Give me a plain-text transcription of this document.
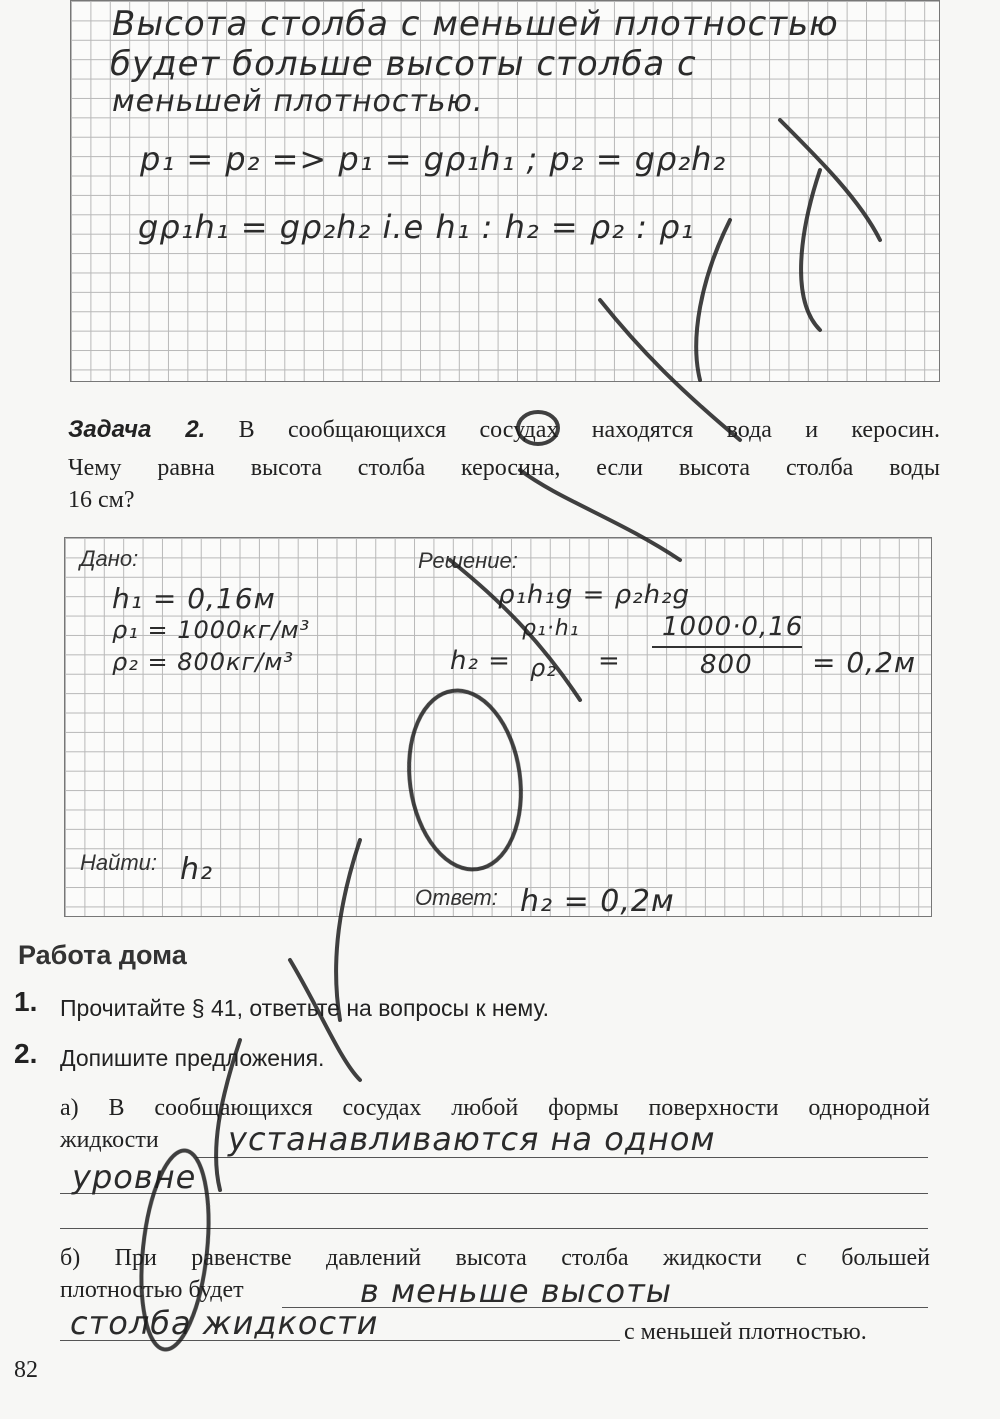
Высота столба с меньшей плотностью
будет больше высоты столба с
меньшей плотностью.
p₁ = p₂ => p₁ = gρ₁h₁ ; p₂ = gρ₂h₂
gρ₁h₁ = gρ₂h₂ i.e h₁ : h₂ = ρ₂ : ρ₁
Задача 2. В сообщающихся сосудах находятся вода и керосин.
Чему равна высота столба керосина, если высота столба воды
16 см?
Дано:
h₁ = 0,16м
ρ₁ = 1000кг/м³
ρ₂ = 800кг/м³
Решение:
ρ₁h₁g = ρ₂h₂g
ρ₁·h₁
h₂ = ρ₂ =
1000·0,16
800 = 0,2м
Найти: h₂
Ответ: h₂ = 0,2м
Работа дома
1. Прочитайте § 41, ответьте на вопросы к нему.
2. Допишите предложения.
а) В сообщающихся сосудах любой формы поверхности однородной
жидкости устанавливаются на одном
уровне
б) При равенстве давлений высота столба жидкости с большей
плотностью будет	в меньше высоты
столба жидкости	с меньшей плотностью.
82
